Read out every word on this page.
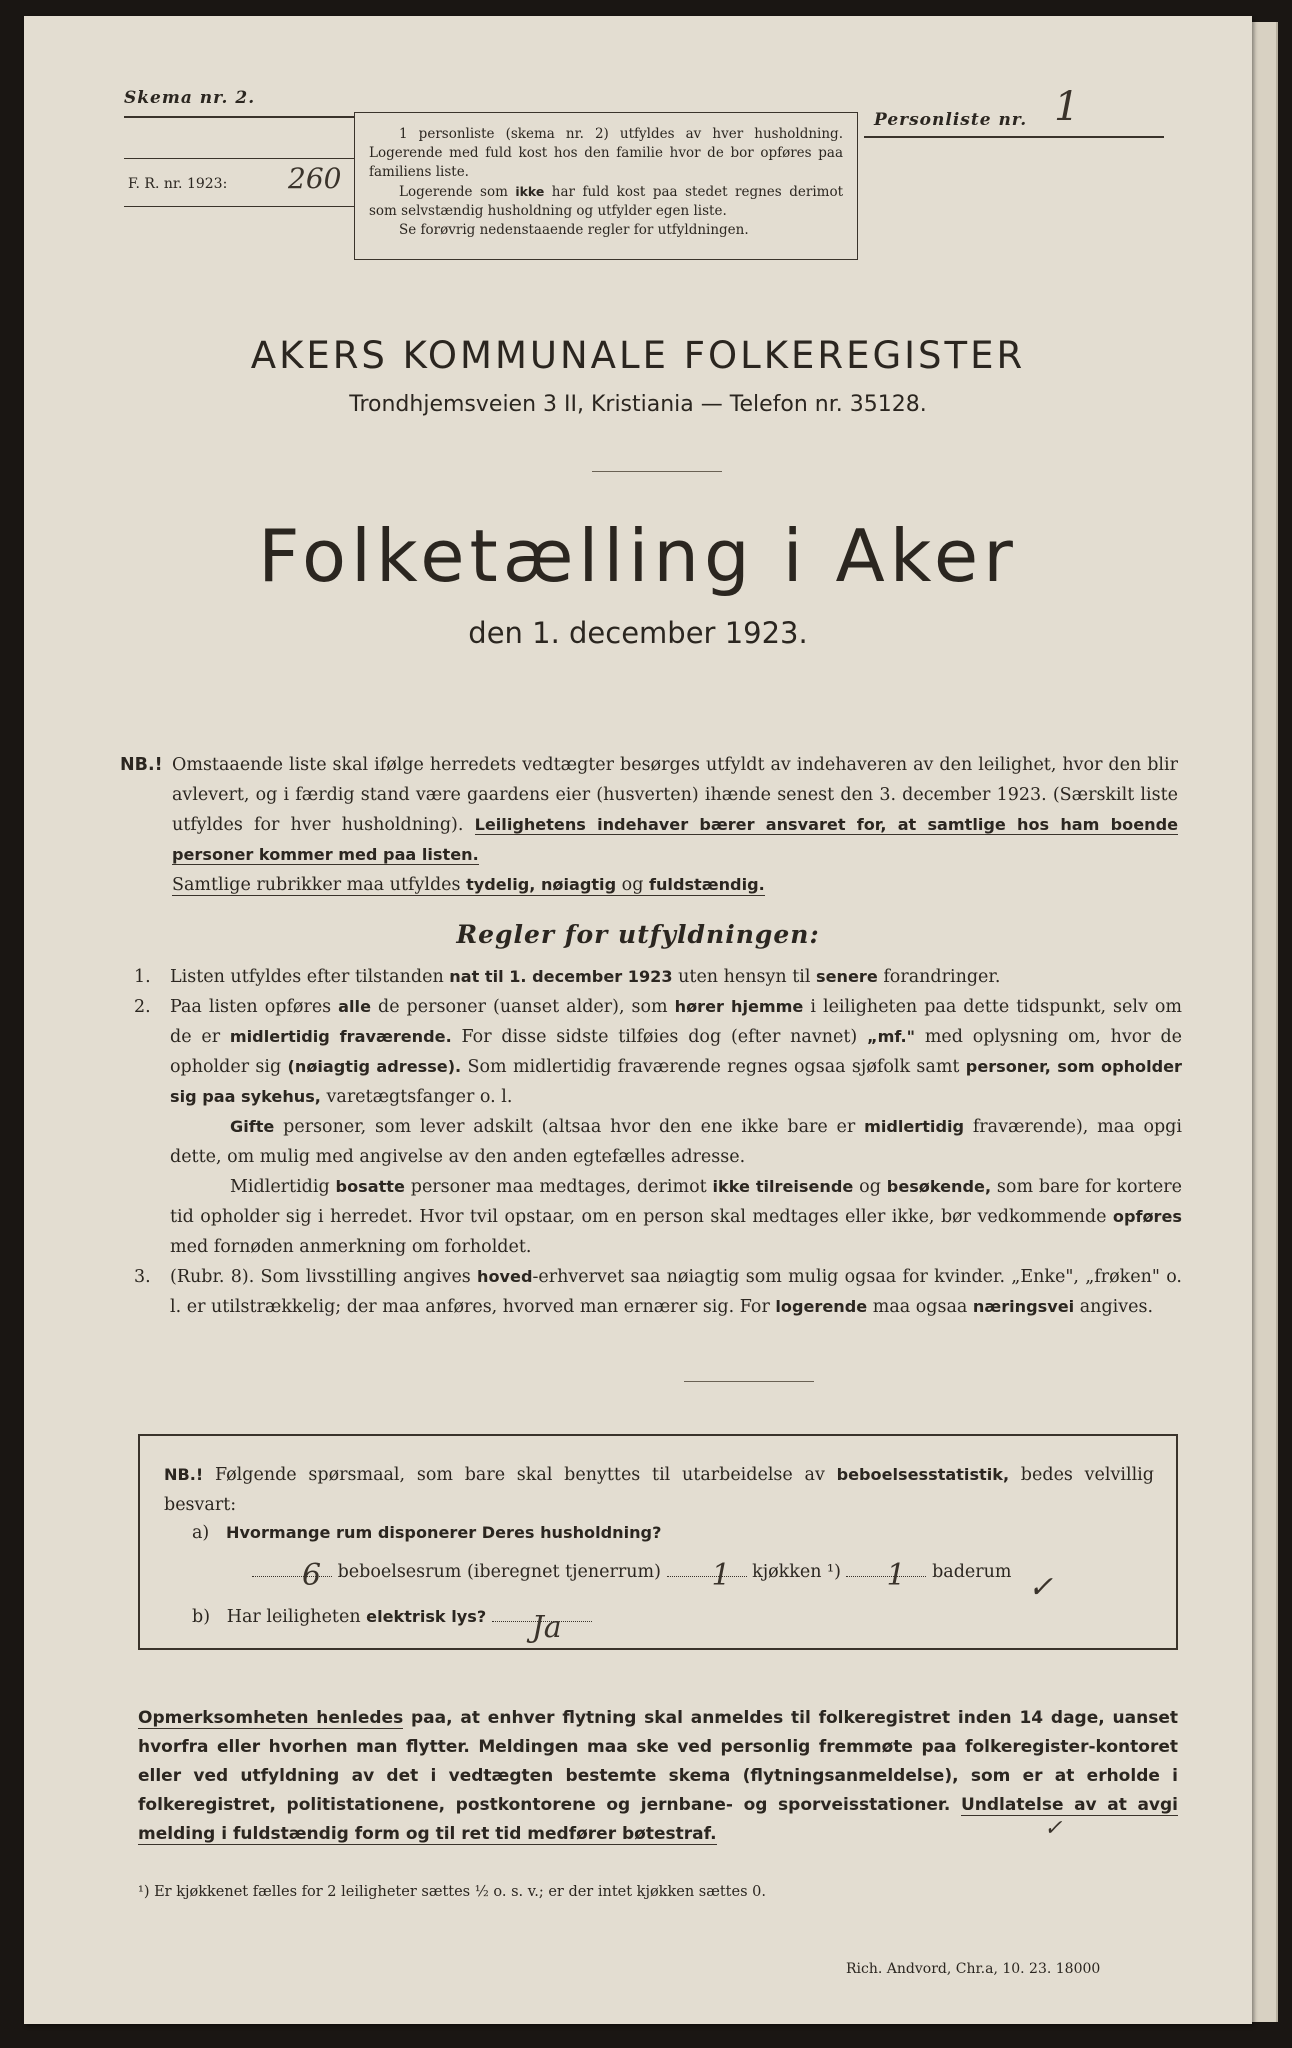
Skema nr. 2.
F. R. nr. 1923: 260

1 personliste (skema nr. 2) utfyldes av hver husholdning. Logerende med fuld kost hos den familie hvor de bor opføres paa familiens liste.

Logerende som ikke har fuld kost paa stedet regnes derimot som selvstændig husholdning og utfylder egen liste.

Se forøvrig nedenstaaende regler for utfyldningen.

Personliste nr. 1
AKERS KOMMUNALE FOLKEREGISTER
Trondhjemsveien 3 II, Kristiania — Telefon nr. 35128.
Folketælling i Aker
den 1. december 1923.
NB.! Omstaaende liste skal ifølge herredets vedtægter besørges utfyldt av indehaveren av den leilighet, hvor den blir avlevert, og i færdig stand være gaardens eier (husverten) ihænde senest den 3. december 1923. (Særskilt liste utfyldes for hver husholdning). Leilighetens indehaver bærer ansvaret for, at samtlige hos ham boende personer kommer med paa listen.
Samtlige rubrikker maa utfyldes tydelig, nøiagtig og fuldstændig.
Regler for utfyldningen:
1. Listen utfyldes efter tilstanden nat til 1. december 1923 uten hensyn til senere forandringer.

2. Paa listen opføres alle de personer (uanset alder), som hører hjemme i leiligheten paa dette tidspunkt, selv om de er midlertidig fraværende. For disse sidste tilføies dog (efter navnet) „mf." med oplysning om, hvor de opholder sig (nøiagtig adresse). Som midlertidig fraværende regnes ogsaa sjøfolk samt personer, som opholder sig paa sykehus, varetægtsfanger o. l.

Gifte personer, som lever adskilt (altsaa hvor den ene ikke bare er midlertidig fraværende), maa opgi dette, om mulig med angivelse av den anden egtefælles adresse.

Midlertidig bosatte personer maa medtages, derimot ikke tilreisende og besøkende, som bare for kortere tid opholder sig i herredet. Hvor tvil opstaar, om en person skal medtages eller ikke, bør vedkommende opføres med fornøden anmerkning om forholdet.

3. (Rubr. 8). Som livsstilling angives hoved-erhvervet saa nøiagtig som mulig ogsaa for kvinder. „Enke", „frøken" o. l. er utilstrækkelig; der maa anføres, hvorved man ernærer sig. For logerende maa ogsaa næringsvei angives.

NB.! Følgende spørsmaal, som bare skal benyttes til utarbeidelse av beboelsesstatistik, bedes velvillig besvart:
a) Hvormange rum disponerer Deres husholdning?
6 beboelsesrum (iberegnet tjenerrum) 1 kjøkken ¹) 1 baderum ✓
b) Har leiligheten elektrisk lys? Ja
Opmerksomheten henledes paa, at enhver flytning skal anmeldes til folkeregistret inden 14 dage, uanset hvorfra eller hvorhen man flytter. Meldingen maa ske ved personlig fremmøte paa folkeregister-kontoret eller ved utfyldning av det i vedtægten bestemte skema (flytningsanmeldelse), som er at erholde i folkeregistret, politistationene, postkontorene og jernbane- og sporveisstationer. Undlatelse av at avgi melding i fuldstændig form og til ret tid medfører bøtestraf.	✓
¹) Er kjøkkenet fælles for 2 leiligheter sættes ½ o. s. v.; er der intet kjøkken sættes 0.
Rich. Andvord, Chr.a, 10. 23. 18000
